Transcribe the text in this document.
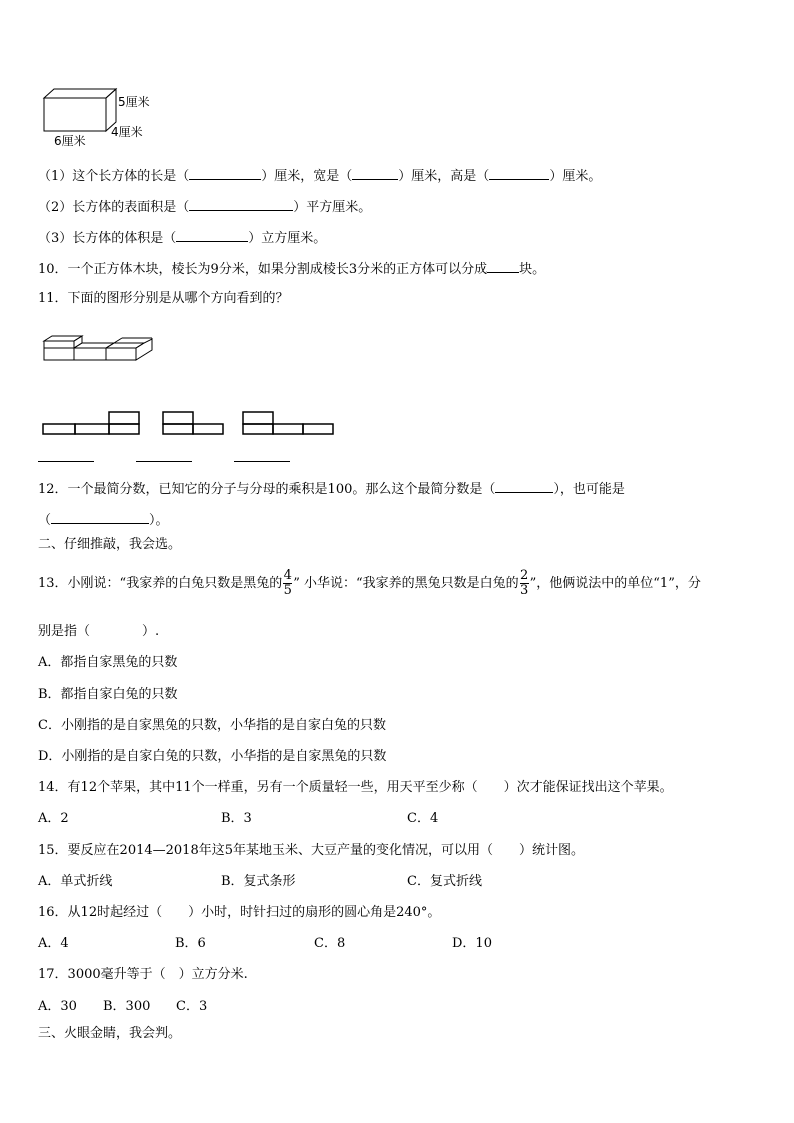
5厘米
4厘米
6厘米
（1）这个长方体的长是（	）厘米，宽是（	）厘米，高是（	）厘米。
（2）长方体的表面积是（	）平方厘米。
（3）长方体的体积是（	）立方厘米。
10．一个正方体木块，棱长为9分米，如果分割成棱长3分米的正方体可以分成 块。
11．下面的图形分别是从哪个方向看到的？
12．一个最简分数，已知它的分子与分母的乘积是100。那么这个最简分数是（	），也可能是
（	）。
二、仔细推敲，我会选。
13．小刚说：“我家养的白兔只数是黑兔的 $\frac{4}{5}$ ” 小华说：“我家养的黑兔只数是白兔的 $\frac{2}{3}$ ”，他俩说法中的单位“1”，分
别是指（　　　　）.
A．都指自家黑兔的只数
B．都指自家白兔的只数
C．小刚指的是自家黑兔的只数，小华指的是自家白兔的只数
D．小刚指的是自家白兔的只数，小华指的是自家黑兔的只数
14．有12个苹果，其中11个一样重，另有一个质量轻一些，用天平至少称（　　）次才能保证找出这个苹果。
A．2	B．3	C．4
15．要反应在2014—2018年这5年某地玉米、大豆产量的变化情况，可以用（　　）统计图。
A．单式折线	B．复式条形	C．复式折线
16．从12时起经过（　　）小时，时针扫过的扇形的圆心角是240°。
A．4	B．6	C．8	D．10
17．3000毫升等于（　）立方分米.
A．30 B．300 C．3
三、火眼金睛，我会判。
